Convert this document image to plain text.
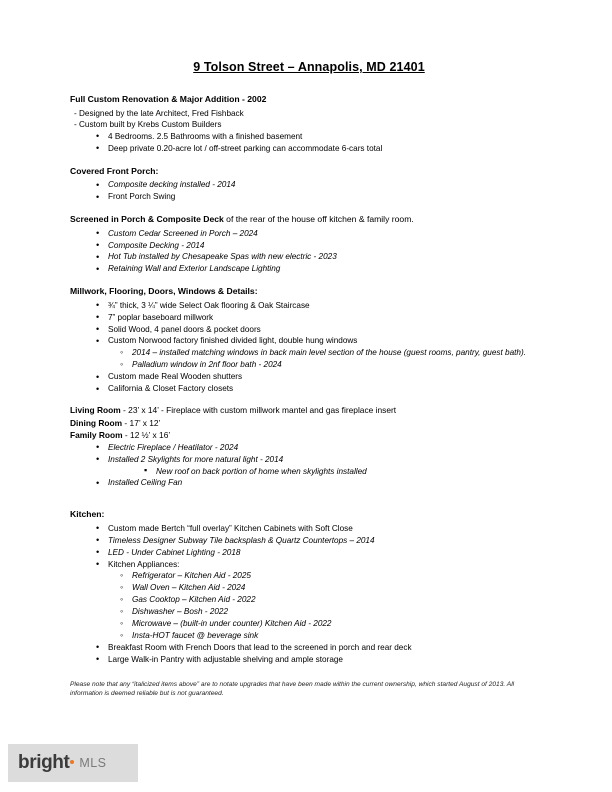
9 Tolson Street – Annapolis, MD 21401
Full Custom Renovation & Major Addition - 2002
- Designed by the late Architect, Fred Fishback
- Custom built by Krebs Custom Builders
• 4 Bedrooms. 2.5 Bathrooms with a finished basement
• Deep private 0.20-acre lot / off-street parking can accommodate 6-cars total
Covered Front Porch:
• Composite decking installed - 2014
• Front Porch Swing
Screened in Porch & Composite Deck of the rear of the house off kitchen & family room.
• Custom Cedar Screened in Porch – 2024
• Composite Decking - 2014
• Hot Tub installed by Chesapeake Spas with new electric - 2023
• Retaining Wall and Exterior Landscape Lighting
Millwork, Flooring, Doors, Windows & Details:
• ¾” thick, 3 ¼” wide Select Oak flooring & Oak Staircase
• 7” poplar baseboard millwork
• Solid Wood, 4 panel doors & pocket doors
• Custom Norwood factory finished divided light, double hung windows
◦ 2014 – installed matching windows in back main level section of the house (guest rooms, pantry, guest bath).
◦ Palladium window in 2nf floor bath - 2024
• Custom made Real Wooden shutters
• California & Closet Factory closets
Living Room - 23’ x 14’ - Fireplace with custom millwork mantel and gas fireplace insert
Dining Room - 17’ x 12’
Family Room - 12 ½’ x 16’
• Electric Fireplace / Heatilator - 2024
• Installed 2 Skylights for more natural light - 2014
▪ New roof on back portion of home when skylights installed
• Installed Ceiling Fan
Kitchen:
• Custom made Bertch “full overlay” Kitchen Cabinets with Soft Close
• Timeless Designer Subway Tile backsplash & Quartz Countertops – 2014
• LED - Under Cabinet Lighting - 2018
• Kitchen Appliances:
◦ Refrigerator – Kitchen Aid - 2025
◦ Wall Oven – Kitchen Aid - 2024
◦ Gas Cooktop – Kitchen Aid - 2022
◦ Dishwasher – Bosh - 2022
◦ Microwave – (built-in under counter) Kitchen Aid - 2022
◦ Insta-HOT faucet @ beverage sink
• Breakfast Room with French Doors that lead to the screened in porch and rear deck
• Large Walk-in Pantry with adjustable shelving and ample storage
Please note that any “italicized items above” are to notate upgrades that have been made within the current ownership, which started August of 2013. All information is deemed reliable but is not guaranteed.
bright MLS
